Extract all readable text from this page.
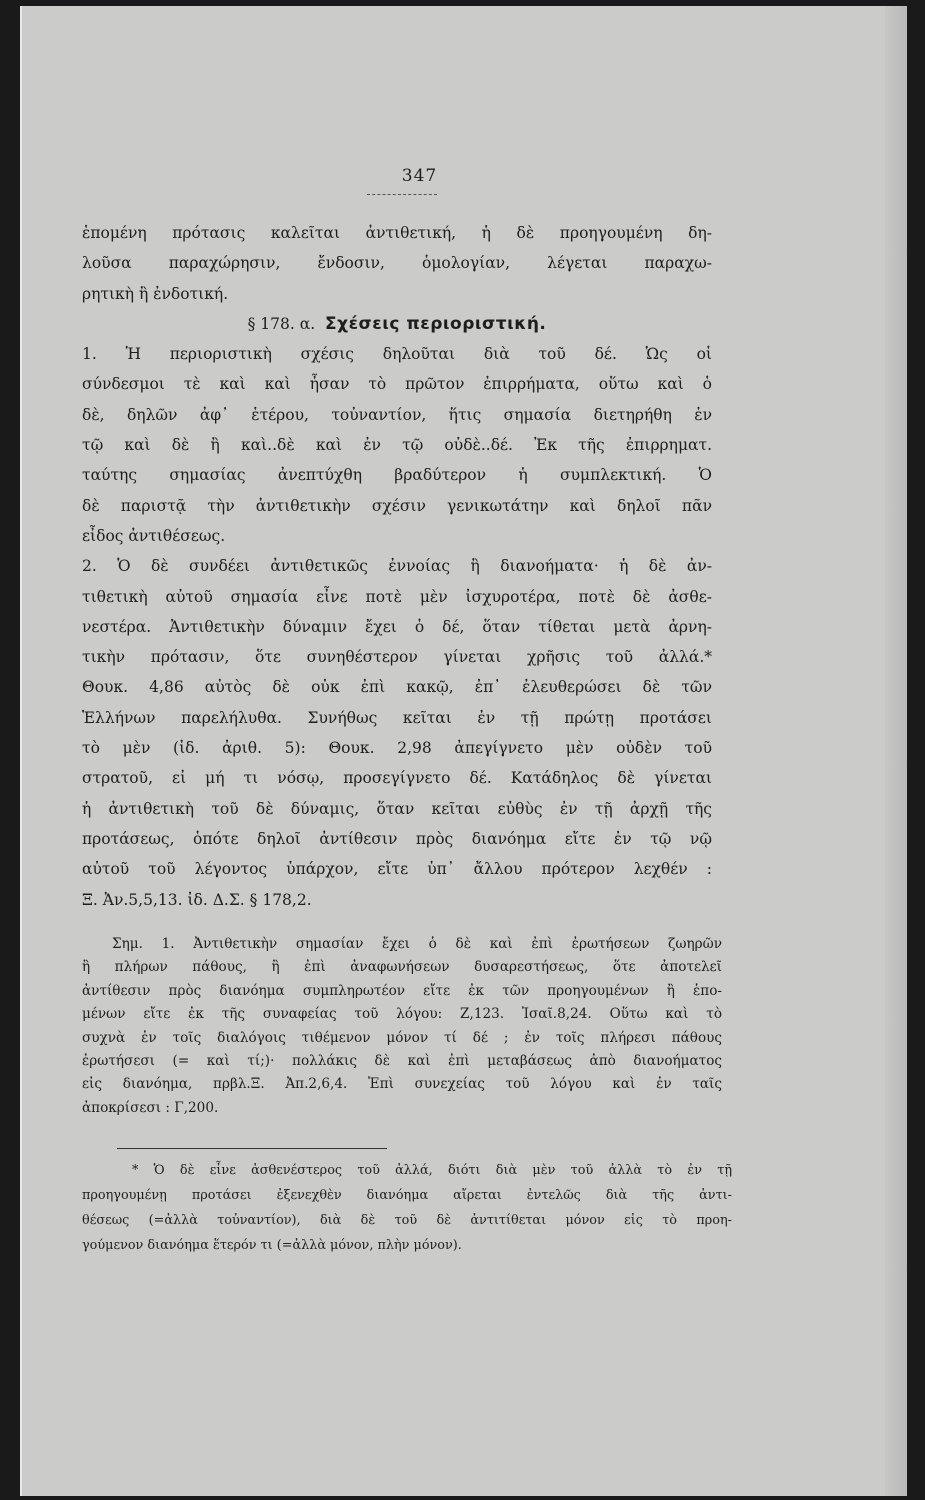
347
ἑπομένη πρότασις καλεῖται ἀντιθετική, ἡ δὲ προηγουμένη δη-
λοῦσα παραχώρησιν, ἔνδοσιν, ὁμολογίαν, λέγεται παραχω-
ρητικὴ ἢ ἐνδοτική.
§ 178. α. Σχέσεις περιοριστική.
1. Ἡ περιοριστικὴ σχέσις δηλοῦται διὰ τοῦ δέ. Ὡς οἱ
σύνδεσμοι τὲ καὶ καὶ ἦσαν τὸ πρῶτον ἐπιρρήματα, οὕτω καὶ ὁ
δὲ, δηλῶν ἀφ᾽ ἑτέρου, τοὐναντίον, ἥτις σημασία διετηρήθη ἐν
τῷ καὶ δὲ ἢ καὶ..δὲ καὶ ἐν τῷ οὐδὲ..δέ. Ἐκ τῆς ἐπιρρηματ.
ταύτης σημασίας ἀνεπτύχθη βραδύτερον ἡ συμπλεκτική. Ὁ
δὲ παριστᾷ τὴν ἀντιθετικὴν σχέσιν γενικωτάτην καὶ δηλοῖ πᾶν
εἶδος ἀντιθέσεως.
2. Ὁ δὲ συνδέει ἀντιθετικῶς ἐννοίας ἢ διανοήματα· ἡ δὲ ἀν-
τιθετικὴ αὐτοῦ σημασία εἶνε ποτὲ μὲν ἰσχυροτέρα, ποτὲ δὲ ἀσθε-
νεστέρα. Ἀντιθετικὴν δύναμιν ἔχει ὁ δέ, ὅταν τίθεται μετὰ ἀρνη-
τικὴν πρότασιν, ὅτε συνηθέστερον γίνεται χρῆσις τοῦ ἀλλά.*
Θουκ. 4,86 αὐτὸς δὲ οὐκ ἐπὶ κακῷ, ἐπ᾽ ἐλευθερώσει δὲ τῶν
Ἑλλήνων παρελήλυθα. Συνήθως κεῖται ἐν τῇ πρώτῃ προτάσει
τὸ μὲν (ἰδ. ἀριθ. 5): Θουκ. 2,98 ἀπεγίγνετο μὲν οὐδὲν τοῦ
στρατοῦ, εἰ μή τι νόσῳ, προσεγίγνετο δέ. Κατάδηλος δὲ γίνεται
ἡ ἀντιθετικὴ τοῦ δὲ δύναμις, ὅταν κεῖται εὐθὺς ἐν τῇ ἀρχῇ τῆς
προτάσεως, ὁπότε δηλοῖ ἀντίθεσιν πρὸς διανόημα εἴτε ἐν τῷ νῷ
αὐτοῦ τοῦ λέγοντος ὑπάρχον, εἴτε ὑπ᾽ ἄλλου πρότερον λεχθέν :
Ξ. Ἀν.5,5,13. ἰδ. Δ.Σ. § 178,2.
Σημ. 1. Ἀντιθετικὴν σημασίαν ἔχει ὁ δὲ καὶ ἐπὶ ἐρωτήσεων ζωηρῶν
ἢ πλήρων πάθους, ἢ ἐπὶ ἀναφωνήσεων δυσαρεστήσεως, ὅτε ἀποτελεῖ
ἀντίθεσιν πρὸς διανόημα συμπληρωτέον εἴτε ἐκ τῶν προηγουμένων ἢ ἑπο-
μένων εἴτε ἐκ τῆς συναφείας τοῦ λόγου: Ζ,123. Ἰσαῖ.8,24. Οὕτω καὶ τὸ
συχνὰ ἐν τοῖς διαλόγοις τιθέμενον μόνον τί δέ ; ἐν τοῖς πλήρεσι πάθους
ἐρωτήσεσι (= καὶ τί;)· πολλάκις δὲ καὶ ἐπὶ μεταβάσεως ἀπὸ διανοήματος
εἰς διανόημα, πρβλ.Ξ. Ἀπ.2,6,4. Ἐπὶ συνεχείας τοῦ λόγου καὶ ἐν ταῖς
ἀποκρίσεσι : Γ,200.
* Ὁ δὲ εἶνε ἀσθενέστερος τοῦ ἀλλά, διότι διὰ μὲν τοῦ ἀλλὰ τὸ ἐν τῇ
προηγουμένῃ προτάσει ἐξενεχθὲν διανόημα αἴρεται ἐντελῶς διὰ τῆς ἀντι-
θέσεως (=ἀλλὰ τοὐναντίον), διὰ δὲ τοῦ δὲ ἀντιτίθεται μόνον εἰς τὸ προη-
γούμενον διανόημα ἕτερόν τι (=ἀλλὰ μόνον, πλὴν μόνον).
